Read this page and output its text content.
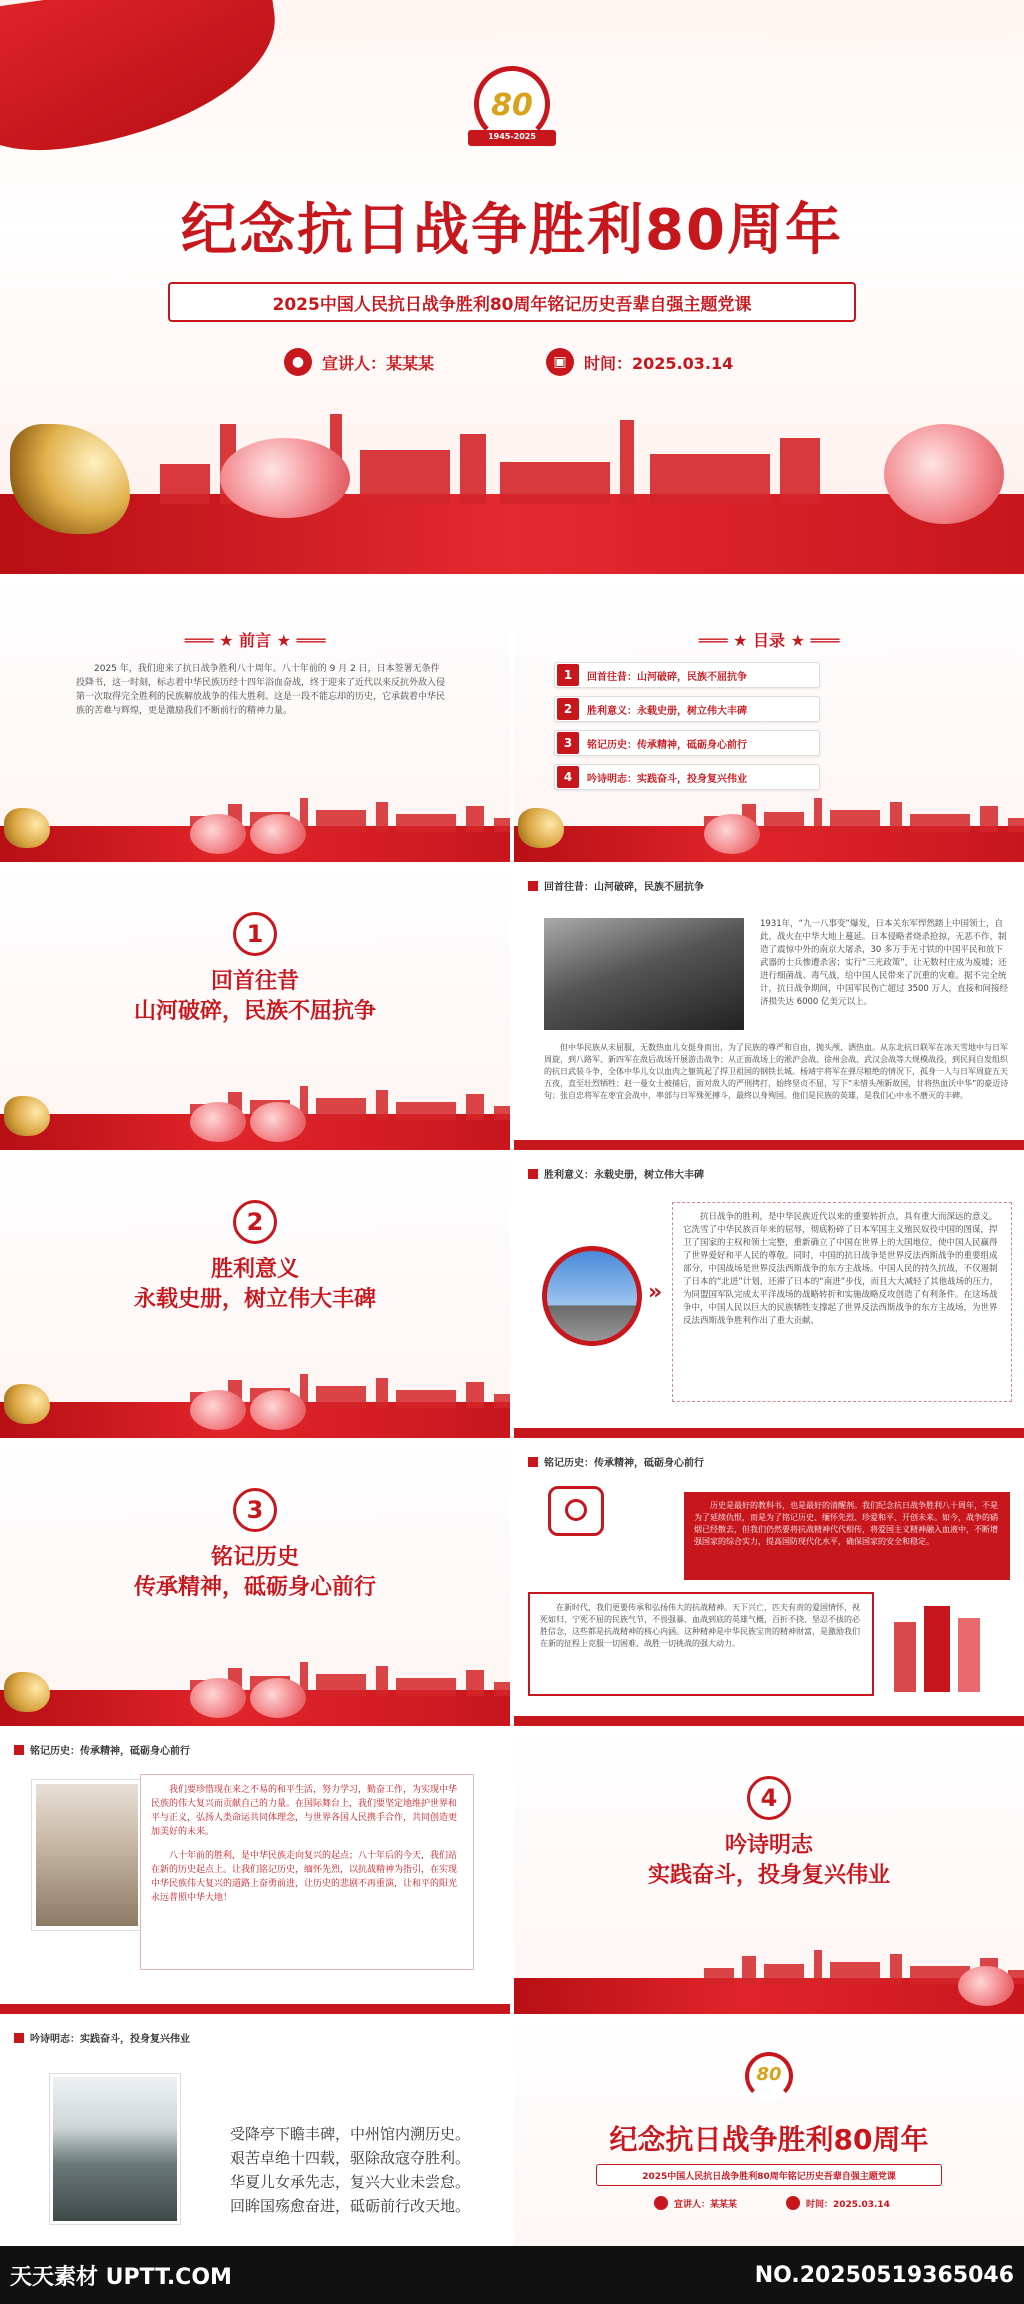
80
1945-2025
纪念抗日战争胜利80周年
2025中国人民抗日战争胜利80周年铭记历史吾辈自强主题党课
●	宣讲人：某某某	▣	时间：2025.03.14
═══ ★ 前言 ★ ═══
2025 年，我们迎来了抗日战争胜利八十周年。八十年前的 9 月 2 日，日本签署无条件投降书，这一时刻，标志着中华民族历经十四年浴血奋战，终于迎来了近代以来反抗外敌入侵第一次取得完全胜利的民族解放战争的伟大胜利。这是一段不能忘却的历史，它承载着中华民族的苦难与辉煌，更是激励我们不断前行的精神力量。
═══ ★ 目录 ★ ═══
1	回首往昔：山河破碎，民族不屈抗争
2	胜利意义：永载史册，树立伟大丰碑
3	铭记历史：传承精神，砥砺身心前行
4	吟诗明志：实践奋斗，投身复兴伟业
1
回首往昔
山河破碎，民族不屈抗争
回首往昔：山河破碎，民族不屈抗争
1931年，“九一八事变”爆发，日本关东军悍然踏上中国领土，自此，战火在中华大地上蔓延。日本侵略者烧杀抢掠，无恶不作，制造了震惊中外的南京大屠杀，30 多万手无寸铁的中国平民和放下武器的士兵惨遭杀害；实行“三光政策”，让无数村庄成为废墟；还进行细菌战、毒气战，给中国人民带来了沉重的灾难。据不完全统计，抗日战争期间，中国军民伤亡超过 3500 万人，直接和间接经济损失达 6000 亿美元以上。
但中华民族从未屈服，无数热血儿女挺身而出，为了民族的尊严和自由，抛头颅、洒热血。从东北抗日联军在冰天雪地中与日军周旋，到八路军、新四军在敌后战场开展游击战争；从正面战场上的淞沪会战、徐州会战、武汉会战等大规模战役，到民间自发组织的抗日武装斗争，全体中华儿女以血肉之躯筑起了捍卫祖国的钢铁长城。杨靖宇将军在弹尽粮绝的情况下，孤身一人与日军周旋五天五夜，直至壮烈牺牲；赵一曼女士被捕后，面对敌人的严刑拷打，始终坚贞不屈，写下“未惜头颅新故国，甘将热血沃中华”的豪迈诗句；张自忠将军在枣宜会战中，率部与日军殊死搏斗，最终以身殉国。他们是民族的英雄，是我们心中永不磨灭的丰碑。
2
胜利意义
永载史册，树立伟大丰碑
胜利意义：永载史册，树立伟大丰碑
»
抗日战争的胜利，是中华民族近代以来的重要转折点，具有重大而深远的意义。它洗雪了中华民族百年来的屈辱，彻底粉碎了日本军国主义殖民奴役中国的图谋，捍卫了国家的主权和领土完整，重新确立了中国在世界上的大国地位，使中国人民赢得了世界爱好和平人民的尊敬。同时，中国的抗日战争是世界反法西斯战争的重要组成部分，中国战场是世界反法西斯战争的东方主战场。中国人民的持久抗战，不仅遏制了日本的“北进”计划，还滞了日本的“南进”步伐，而且大大减轻了其他战场的压力，为同盟国军队完成太平洋战场的战略转折和实施战略反攻创造了有利条件。在这场战争中，中国人民以巨大的民族牺牲支撑起了世界反法西斯战争的东方主战场，为世界反法西斯战争胜利作出了重大贡献。
3
铭记历史
传承精神，砥砺身心前行
铭记历史：传承精神，砥砺身心前行
历史是最好的教科书，也是最好的清醒剂。我们纪念抗日战争胜利八十周年，不是为了延续仇恨，而是为了铭记历史、缅怀先烈、珍爱和平、开创未来。如今，战争的硝烟已经散去，但我们仍然要将抗战精神代代相传，将爱国主义精神融入血液中，不断增强国家的综合实力，提高国防现代化水平，确保国家的安全和稳定。
在新时代，我们更要传承和弘扬伟大的抗战精神。天下兴亡，匹夫有责的爱国情怀，视死如归、宁死不屈的民族气节，不畏强暴、血战到底的英雄气概，百折不挠、坚忍不拔的必胜信念，这些都是抗战精神的核心内涵。这种精神是中华民族宝贵的精神财富，是激励我们在新的征程上克服一切困难、战胜一切挑战的强大动力。
铭记历史：传承精神，砥砺身心前行
我们要珍惜现在来之不易的和平生活，努力学习，勤奋工作，为实现中华民族的伟大复兴而贡献自己的力量。在国际舞台上，我们要坚定地维护世界和平与正义，弘扬人类命运共同体理念，与世界各国人民携手合作，共同创造更加美好的未来。
八十年前的胜利，是中华民族走向复兴的起点；八十年后的今天，我们站在新的历史起点上。让我们铭记历史，缅怀先烈，以抗战精神为指引，在实现中华民族伟大复兴的道路上奋勇前进，让历史的悲剧不再重演，让和平的阳光永远普照中华大地！
4
吟诗明志
实践奋斗，投身复兴伟业
吟诗明志：实践奋斗，投身复兴伟业
受降亭下瞻丰碑，中州馆内溯历史。
艰苦卓绝十四载，驱除敌寇夺胜利。
华夏儿女承先志，复兴大业未尝怠。
回眸国殇愈奋进，砥砺前行改天地。
80
纪念抗日战争胜利80周年
2025中国人民抗日战争胜利80周年铭记历史吾辈自强主题党课
宣讲人：某某某	时间：2025.03.14
天天素材 UPTT.COM	NO.20250519365046
